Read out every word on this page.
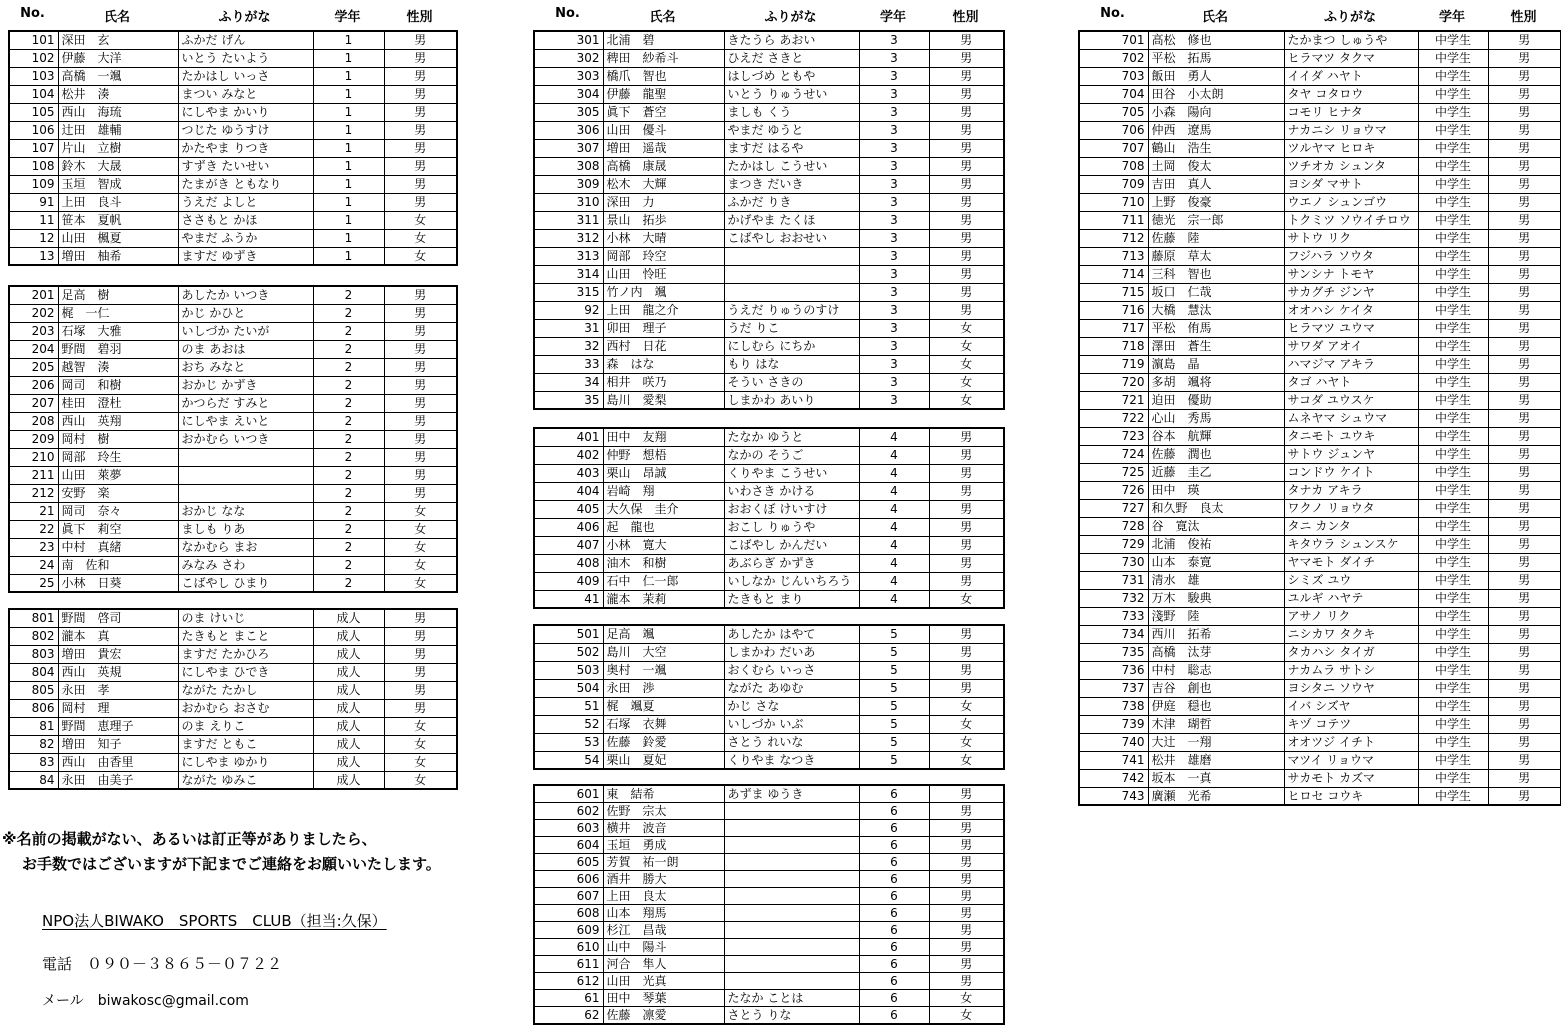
No.	氏名	ふりがな	学年	性別
101	深田　玄	ふかだ げん	1	男
102	伊藤　大洋	いとう たいよう	1	男
103	高橋　一颯	たかはし いっさ	1	男
104	松井　湊	まつい みなと	1	男
105	西山　海琉	にしやま かいり	1	男
106	辻田　雄輔	つじた ゆうすけ	1	男
107	片山　立樹	かたやま りつき	1	男
108	鈴木　大晟	すずき たいせい	1	男
109	玉垣　智成	たまがき ともなり	1	男
91	上田　良斗	うえだ よしと	1	男
11	笹本　夏帆	ささもと かほ	1	女
12	山田　楓夏	やまだ ふうか	1	女
13	増田　柚希	ますだ ゆずき	1	女
201	足高　樹	あしたか いつき	2	男
202	梶　一仁	かじ かひと	2	男
203	石塚　大雅	いしづか たいが	2	男
204	野間　碧羽	のま あおは	2	男
205	越智　湊	おち みなと	2	男
206	岡司　和樹	おかじ かずき	2	男
207	桂田　澄杜	かつらだ すみと	2	男
208	西山　英翔	にしやま えいと	2	男
209	岡村　樹	おかむら いつき	2	男
210	岡部　玲生		2	男
211	山田　萊夢		2	男
212	安野　楽		2	男
21	岡司　奈々	おかじ なな	2	女
22	眞下　莉空	ましも りあ	2	女
23	中村　真緒	なかむら まお	2	女
24	南　佐和	みなみ さわ	2	女
25	小林　日葵	こばやし ひまり	2	女
801	野間　啓司	のま けいじ	成人	男
802	瀧本　真	たきもと まこと	成人	男
803	増田　貴宏	ますだ たかひろ	成人	男
804	西山　英規	にしやま ひでき	成人	男
805	永田　孝	ながた たかし	成人	男
806	岡村　理	おかむら おさむ	成人	男
81	野間　恵理子	のま えりこ	成人	女
82	増田　知子	ますだ ともこ	成人	女
83	西山　由香里	にしやま ゆかり	成人	女
84	永田　由美子	ながた ゆみこ	成人	女
No.	氏名	ふりがな	学年	性別
301	北浦　碧	きたうら あおい	3	男
302	稗田　紗希斗	ひえだ さきと	3	男
303	橋爪　智也	はしづめ ともや	3	男
304	伊藤　龍聖	いとう りゅうせい	3	男
305	眞下　蒼空	ましも くう	3	男
306	山田　優斗	やまだ ゆうと	3	男
307	増田　遥哉	ますだ はるや	3	男
308	高橋　康晟	たかはし こうせい	3	男
309	松木　大輝	まつき だいき	3	男
310	深田　力	ふかだ りき	3	男
311	景山　拓歩	かげやま たくほ	3	男
312	小林　大晴	こばやし おおせい	3	男
313	岡部　玲空		3	男
314	山田　怜旺		3	男
315	竹ノ内　颯		3	男
92	上田　龍之介	うえだ りゅうのすけ	3	男
31	卯田　理子	うだ りこ	3	女
32	西村　日花	にしむら にちか	3	女
33	森　はな	もり はな	3	女
34	相井　咲乃	そうい さきの	3	女
35	島川　愛梨	しまかわ あいり	3	女
401	田中　友翔	たなか ゆうと	4	男
402	仲野　想梧	なかの そうご	4	男
403	栗山　昂誠	くりやま こうせい	4	男
404	岩崎　翔	いわさき かける	4	男
405	大久保　圭介	おおくぼ けいすけ	4	男
406	起　龍也	おこし りゅうや	4	男
407	小林　寛大	こばやし かんだい	4	男
408	油木　和樹	あぶらぎ かずき	4	男
409	石中　仁一郎	いしなか じんいちろう	4	男
41	瀧本　茉莉	たきもと まり	4	女
501	足高　颯	あしたか はやて	5	男
502	島川　大空	しまかわ だいあ	5	男
503	奥村　一颯	おくむら いっさ	5	男
504	永田　渉	ながた あゆむ	5	男
51	梶　颯夏	かじ さな	5	女
52	石塚　衣舞	いしづか いぶ	5	女
53	佐藤　鈴愛	さとう れいな	5	女
54	栗山　夏妃	くりやま なつき	5	女
601	東　結希	あずま ゆうき	6	男
602	佐野　宗太		6	男
603	横井　波音		6	男
604	玉垣　勇成		6	男
605	芳賀　祐一朗		6	男
606	酒井　勝大		6	男
607	上田　良太		6	男
608	山本　翔馬		6	男
609	杉江　昌哉		6	男
610	山中　陽斗		6	男
611	河合　隼人		6	男
612	山田　光真		6	男
61	田中　琴葉	たなか ことは	6	女
62	佐藤　凛愛	さとう りな	6	女
No.	氏名	ふりがな	学年	性別
701	高松　修也	たかまつ しゅうや	中学生	男
702	平松　拓馬	ヒラマツ タクマ	中学生	男
703	飯田　勇人	イイダ ハヤト	中学生	男
704	田谷　小太朗	タヤ コタロウ	中学生	男
705	小森　陽向	コモリ ヒナタ	中学生	男
706	仲西　遼馬	ナカニシ リョウマ	中学生	男
707	鶴山　浩生	ツルヤマ ヒロキ	中学生	男
708	土岡　俊太	ツチオカ シュンタ	中学生	男
709	吉田　真人	ヨシダ マサト	中学生	男
710	上野　俊豪	ウエノ シュンゴウ	中学生	男
711	徳光　宗一郎	トクミツ ソウイチロウ	中学生	男
712	佐藤　陸	サトウ リク	中学生	男
713	藤原　草太	フジハラ ソウタ	中学生	男
714	三科　智也	サンシナ トモヤ	中学生	男
715	坂口　仁哉	サカグチ ジンヤ	中学生	男
716	大橋　慧汰	オオハシ ケイタ	中学生	男
717	平松　侑馬	ヒラマツ ユウマ	中学生	男
718	澤田　蒼生	サワダ アオイ	中学生	男
719	濵島　晶	ハマジマ アキラ	中学生	男
720	多胡　颯将	タゴ ハヤト	中学生	男
721	迫田　優助	サコダ ユウスケ	中学生	男
722	心山　秀馬	ムネヤマ シュウマ	中学生	男
723	谷本　航輝	タニモト ユウキ	中学生	男
724	佐藤　潤也	サトウ ジュンヤ	中学生	男
725	近藤　圭乙	コンドウ ケイト	中学生	男
726	田中　瑛	タナカ アキラ	中学生	男
727	和久野　良太	ワクノ リョウタ	中学生	男
728	谷　寛汰	タニ カンタ	中学生	男
729	北浦　俊祐	キタウラ シュンスケ	中学生	男
730	山本　泰寛	ヤマモト ダイチ	中学生	男
731	清水　雄	シミズ ユウ	中学生	男
732	万木　駿典	ユルギ ハヤテ	中学生	男
733	淺野　陸	アサノ リク	中学生	男
734	西川　拓希	ニシカワ タクキ	中学生	男
735	高橋　汰芽	タカハシ タイガ	中学生	男
736	中村　聡志	ナカムラ サトシ	中学生	男
737	吉谷　創也	ヨシタニ ソウヤ	中学生	男
738	伊庭　穏也	イバ シズヤ	中学生	男
739	木津　瑚哲	キヅ コテツ	中学生	男
740	大辻　一翔	オオツジ イチト	中学生	男
741	松井　雄磨	マツイ リョウマ	中学生	男
742	坂本　一真	サカモト カズマ	中学生	男
743	廣瀬　光希	ヒロセ コウキ	中学生	男
※名前の掲載がない、あるいは訂正等がありましたら、
お手数ではございますが下記までご連絡をお願いいたします。
NPO法人BIWAKO　SPORTS　CLUB（担当:久保）
電話　０９０－３８６５－０７２２
メール　biwakosc@gmail.com
